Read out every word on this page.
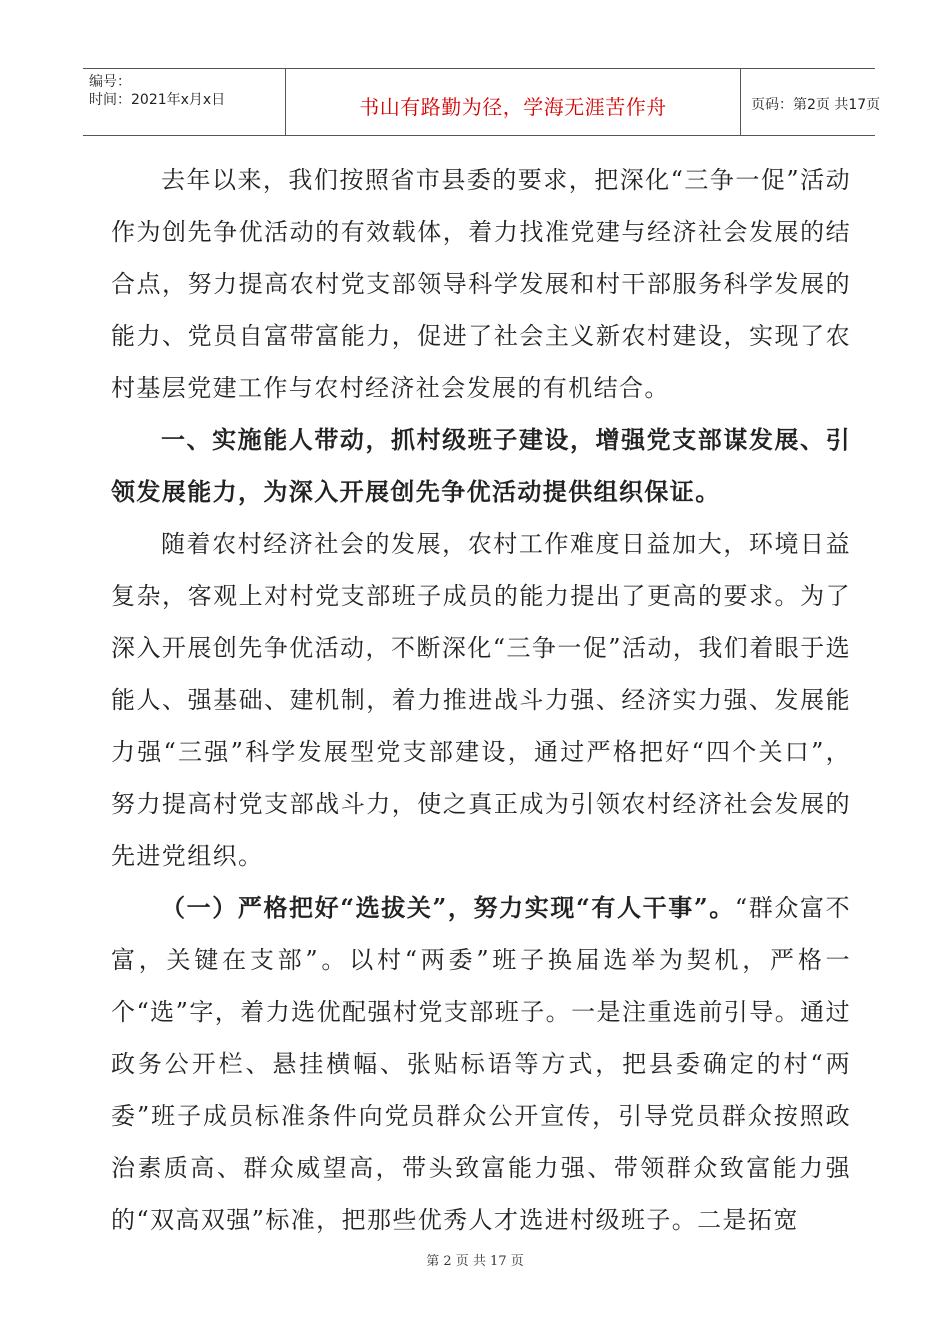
编号：
时间：2021年x月x日	书山有路勤为径，学海无涯苦作舟	页码：第2页 共17页

去年以来，我们按照省市县委的要求，把深化“三争一促”活动作为创先争优活动的有效载体，着力找准党建与经济社会发展的结合点，努力提高农村党支部领导科学发展和村干部服务科学发展的能力、党员自富带富能力，促进了社会主义新农村建设，实现了农村基层党建工作与农村经济社会发展的有机结合。

一、实施能人带动，抓村级班子建设，增强党支部谋发展、引领发展能力，为深入开展创先争优活动提供组织保证。

随着农村经济社会的发展，农村工作难度日益加大，环境日益复杂，客观上对村党支部班子成员的能力提出了更高的要求。为了深入开展创先争优活动，不断深化“三争一促”活动，我们着眼于选能人、强基础、建机制，着力推进战斗力强、经济实力强、发展能力强“三强”科学发展型党支部建设，通过严格把好“四个关口”，努力提高村党支部战斗力，使之真正成为引领农村经济社会发展的先进党组织。

（一）严格把好“选拔关”，努力实现“有人干事”。“群众富不富，关键在支部”。以村“两委”班子换届选举为契机，严格一个“选”字，着力选优配强村党支部班子。一是注重选前引导。通过政务公开栏、悬挂横幅、张贴标语等方式，把县委确定的村“两委”班子成员标准条件向党员群众公开宣传，引导党员群众按照政治素质高、群众威望高，带头致富能力强、带领群众致富能力强的“双高双强”标准，把那些优秀人才选进村级班子。二是拓宽

第 2 页 共 17 页
